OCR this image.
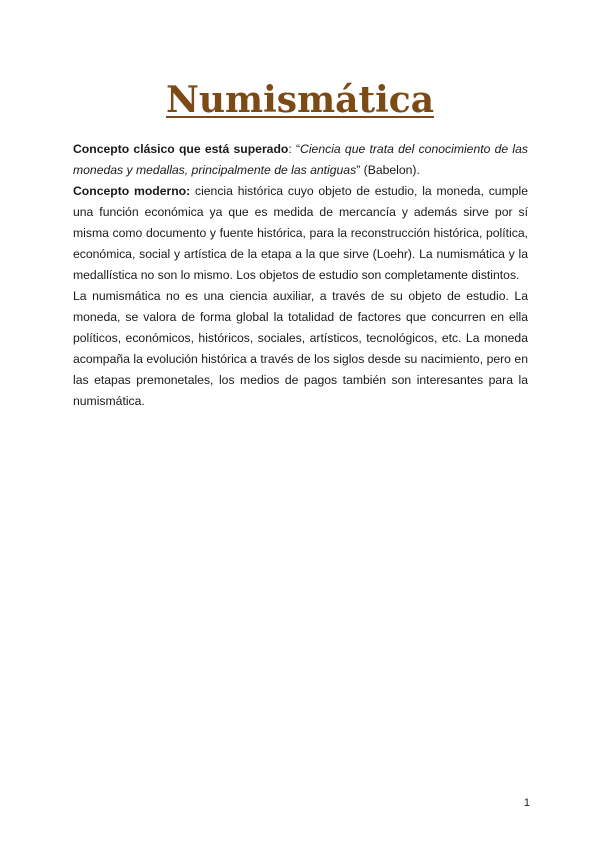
Numismática

Concepto clásico que está superado: “Ciencia que trata del conocimiento de las monedas y medallas, principalmente de las antiguas” (Babelon).

Concepto moderno: ciencia histórica cuyo objeto de estudio, la moneda, cumple una función económica ya que es medida de mercancía y además sirve por sí misma como documento y fuente histórica, para la reconstrucción histórica, política, económica, social y artística de la etapa a la que sirve (Loehr). La numismática y la medallística no son lo mismo. Los objetos de estudio son completamente distintos.

La numismática no es una ciencia auxiliar, a través de su objeto de estudio. La moneda, se valora de forma global la totalidad de factores que concurren en ella políticos, económicos, históricos, sociales, artísticos, tecnológicos, etc. La moneda acompaña la evolución histórica a través de los siglos desde su nacimiento, pero en las etapas premonetales, los medios de pagos también son interesantes para la numismática.

1
